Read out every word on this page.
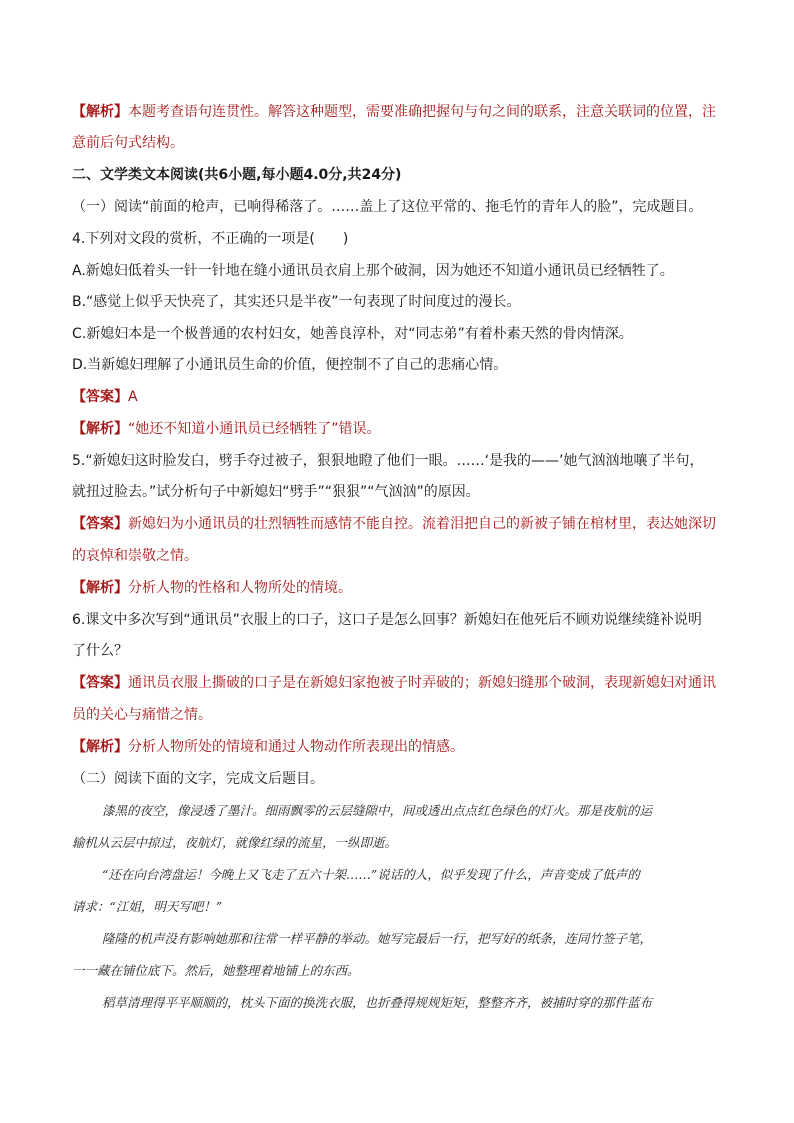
【解析】本题考查语句连贯性。解答这种题型，需要准确把握句与句之间的联系，注意关联词的位置，注
意前后句式结构。
二、文学类文本阅读(共6小题,每小题4.0分,共24分)
（一）阅读“前面的枪声，已响得稀落了。……盖上了这位平常的、拖毛竹的青年人的脸”，完成题目。
4.下列对文段的赏析，不正确的一项是(　　)
A.新媳妇低着头一针一针地在缝小通讯员衣肩上那个破洞，因为她还不知道小通讯员已经牺牲了。
B.“感觉上似乎天快亮了，其实还只是半夜”一句表现了时间度过的漫长。
C.新媳妇本是一个极普通的农村妇女，她善良淳朴，对“同志弟”有着朴素天然的骨肉情深。
D.当新媳妇理解了小通讯员生命的价值，便控制不了自己的悲痛心情。
【答案】A
【解析】“她还不知道小通讯员已经牺牲了”错误。
5.“新媳妇这时脸发白，劈手夺过被子，狠狠地瞪了他们一眼。……‘是我的——’她气汹汹地嚷了半句，
就扭过脸去。”试分析句子中新媳妇“劈手”“狠狠”“气汹汹”的原因。
【答案】新媳妇为小通讯员的壮烈牺牲而感情不能自控。流着泪把自己的新被子铺在棺材里，表达她深切
的哀悼和崇敬之情。
【解析】分析人物的性格和人物所处的情境。
6.课文中多次写到“通讯员”衣服上的口子，这口子是怎么回事？新媳妇在他死后不顾劝说继续缝补说明
了什么？
【答案】通讯员衣服上撕破的口子是在新媳妇家抱被子时弄破的；新媳妇缝那个破洞，表现新媳妇对通讯
员的关心与痛惜之情。
【解析】分析人物所处的情境和通过人物动作所表现出的情感。
（二）阅读下面的文字，完成文后题目。
漆黑的夜空，像浸透了墨汁。细雨飘零的云层缝隙中，间或透出点点红色绿色的灯火。那是夜航的运
输机从云层中掠过，夜航灯，就像红绿的流星，一纵即逝。
“还在向台湾盘运！今晚上又飞走了五六十架……”说话的人，似乎发现了什么，声音变成了低声的
请求：“江姐，明天写吧！”
隆隆的机声没有影响她那和往常一样平静的举动。她写完最后一行，把写好的纸条，连同竹签子笔，
一一藏在铺位底下。然后，她整理着地铺上的东西。
稻草清理得平平顺顺的，枕头下面的换洗衣服，也折叠得规规矩矩，整整齐齐，被捕时穿的那件蓝布
